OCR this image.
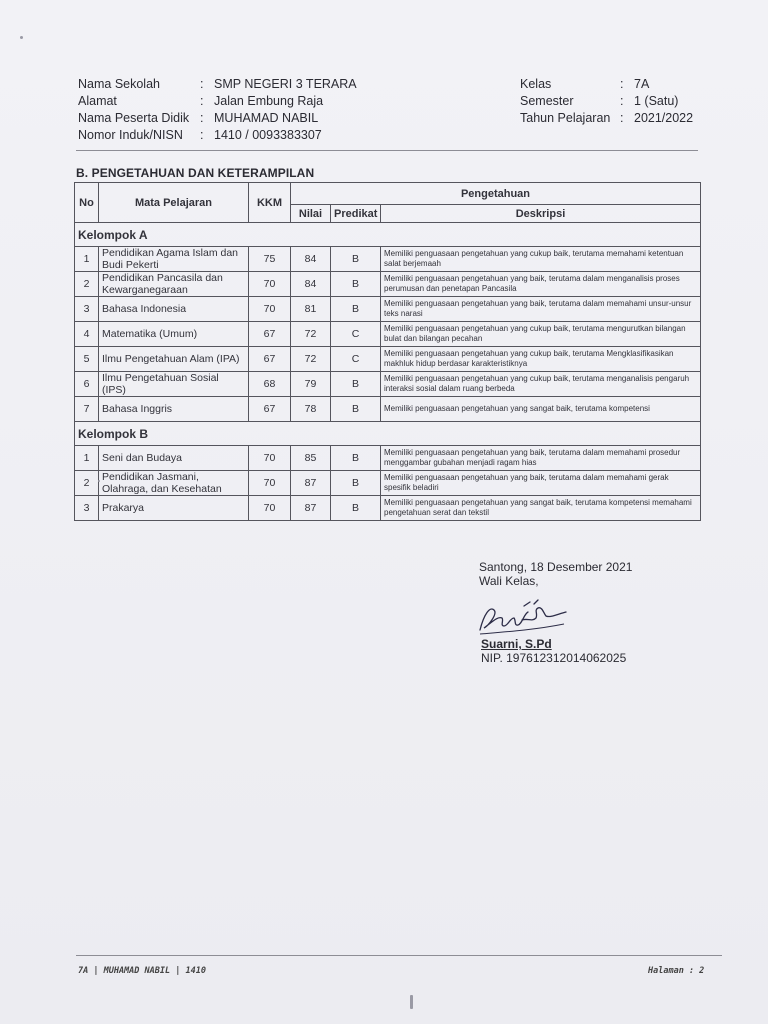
Nama Sekolah	: SMP NEGERI 3 TERARA
Alamat	: Jalan Embung Raja
Nama Peserta Didik : MUHAMAD NABIL
Nomor Induk/NISN	: 1410 / 0093383307
Kelas	: 7A
Semester	: 1 (Satu)
Tahun Pelajaran : 2021/2022
B. PENGETAHUAN DAN KETERAMPILAN
No	Mata Pelajaran	KKM	Pengetahuan		
			Nilai	Predikat	Deskripsi
Kelompok A					
1	Pendidikan Agama Islam dan Budi Pekerti	75	84	B	Memiliki penguasaan pengetahuan yang cukup baik, terutama memahami ketentuan salat berjemaah
2	Pendidikan Pancasila dan Kewarganegaraan	70	84	B	Memiliki penguasaan pengetahuan yang baik, terutama dalam menganalisis proses perumusan dan penetapan Pancasila
3	Bahasa Indonesia	70	81	B	Memiliki penguasaan pengetahuan yang baik, terutama dalam memahami unsur-unsur teks narasi
4	Matematika (Umum)	67	72	C	Memiliki penguasaan pengetahuan yang cukup baik, terutama mengurutkan bilangan bulat dan bilangan pecahan
5	Ilmu Pengetahuan Alam (IPA)	67	72	C	Memiliki penguasaan pengetahuan yang cukup baik, terutama Mengklasifikasikan makhluk hidup berdasar karakteristiknya
6	Ilmu Pengetahuan Sosial (IPS)	68	79	B	Memiliki penguasaan pengetahuan yang cukup baik, terutama menganalisis pengaruh interaksi sosial dalam ruang berbeda
7	Bahasa Inggris	67	78	B	Memiliki penguasaan pengetahuan yang sangat baik, terutama kompetensi
Kelompok B					
1	Seni dan Budaya	70	85	B	Memiliki penguasaan pengetahuan yang baik, terutama dalam memahami prosedur menggambar gubahan menjadi ragam hias
2	Pendidikan Jasmani, Olahraga, dan Kesehatan	70	87	B	Memiliki penguasaan pengetahuan yang baik, terutama dalam memahami gerak spesifik beladiri
3	Prakarya	70	87	B	Memiliki penguasaan pengetahuan yang sangat baik, terutama kompetensi memahami pengetahuan serat dan tekstil
Santong, 18 Desember 2021
Wali Kelas,
Suarni, S.Pd
NIP. 197612312014062025
7A | MUHAMAD NABIL | 1410	Halaman : 2
